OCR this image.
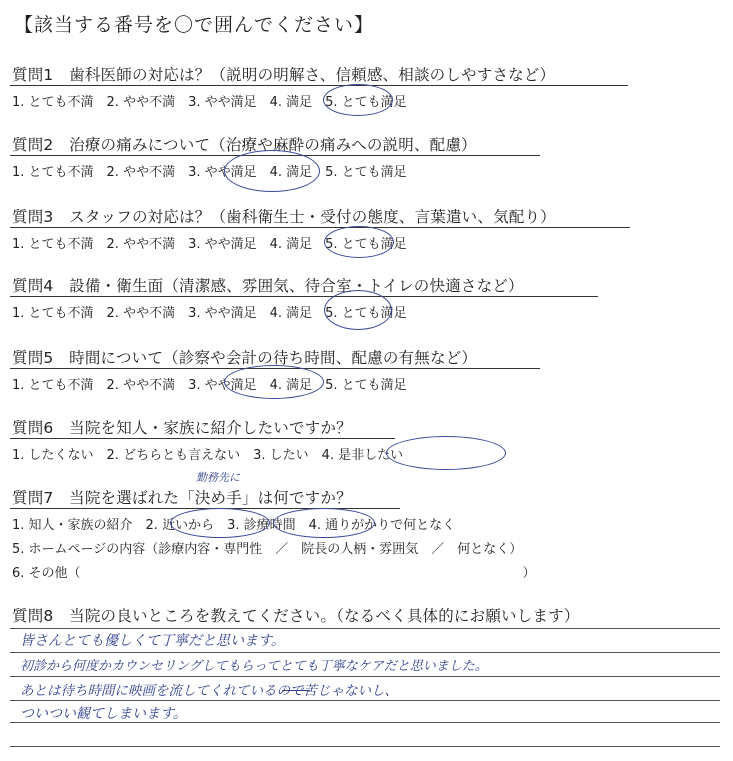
【該当する番号を〇で囲んでください】
質問1　歯科医師の対応は？（説明の明解さ、信頼感、相談のしやすさなど）
1. とても不満　2. やや不満　3. やや満足　4. 満足　5. とても満足
質問2　治療の痛みについて（治療や麻酔の痛みへの説明、配慮）
1. とても不満　2. やや不満　3. やや満足　4. 満足　5. とても満足
質問3　スタッフの対応は？（歯科衛生士・受付の態度、言葉遣い、気配り）
1. とても不満　2. やや不満　3. やや満足　4. 満足　5. とても満足
質問4　設備・衛生面（清潔感、雰囲気、待合室・トイレの快適さなど）
1. とても不満　2. やや不満　3. やや満足　4. 満足　5. とても満足
質問5　時間について（診察や会計の待ち時間、配慮の有無など）
1. とても不満　2. やや不満　3. やや満足　4. 満足　5. とても満足
質問6　当院を知人・家族に紹介したいですか？
1. したくない　2. どちらとも言えない　3. したい　4. 是非したい
勤務先に
質問7　当院を選ばれた「決め手」は何ですか？
1. 知人・家族の紹介　2. 近いから　3. 診療時間　4. 通りがかりで何となく
5. ホームページの内容（診療内容・専門性　／　院長の人柄・雰囲気　／　何となく）
6. その他（　　　　　　　　　　　　　　　　　　　　　　　　　　　　　　　　　　）
質問8　当院の良いところを教えてください。（なるべく具体的にお願いします）
皆さんとても優しくて丁寧だと思います。
初診から何度かカウンセリングしてもらってとても丁寧なケアだと思いました。
あとは待ち時間に映画を流してくれているので苦じゃないし、
ついつい観てしまいます。
